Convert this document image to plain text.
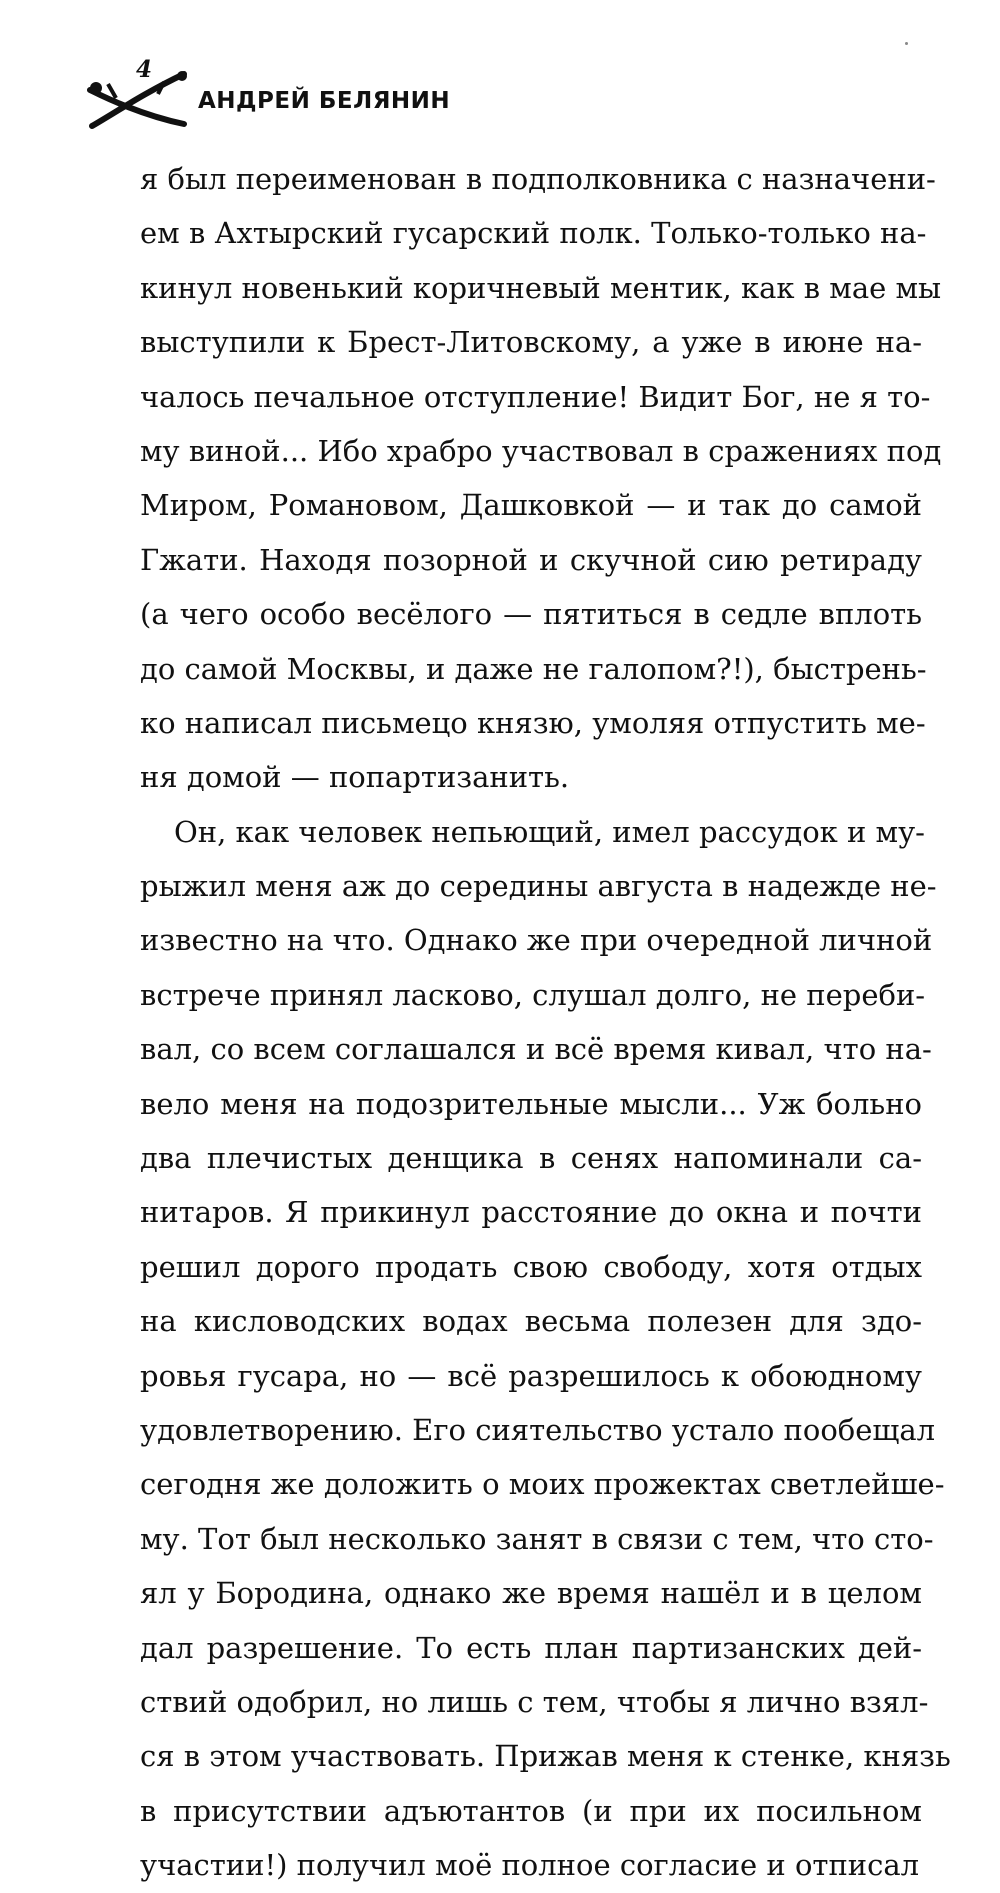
4
АНДРЕЙ БЕЛЯНИН
я был переименован в подполковника с назначени-
ем в Ахтырский гусарский полк. Только-только на-
кинул новенький коричневый ментик, как в мае мы
выступили к Брест-Литовскому, а уже в июне на-
чалось печальное отступление! Видит Бог, не я то-
му виной... Ибо храбро участвовал в сражениях под
Миром, Романовом, Дашковкой — и так до самой
Гжати. Находя позорной и скучной сию ретираду
(а чего особо весёлого — пятиться в седле вплоть
до самой Москвы, и даже не галопом?!), быстрень-
ко написал письмецо князю, умоляя отпустить ме-
ня домой — попартизанить.
Он, как человек непьющий, имел рассудок и му-
рыжил меня аж до середины августа в надежде не-
известно на что. Однако же при очередной личной
встрече принял ласково, слушал долго, не переби-
вал, со всем соглашался и всё время кивал, что на-
вело меня на подозрительные мысли... Уж больно
два плечистых денщика в сенях напоминали са-
нитаров. Я прикинул расстояние до окна и почти
решил дорого продать свою свободу, хотя отдых
на кисловодских водах весьма полезен для здо-
ровья гусара, но — всё разрешилось к обоюдному
удовлетворению. Его сиятельство устало пообещал
сегодня же доложить о моих прожектах светлейше-
му. Тот был несколько занят в связи с тем, что сто-
ял у Бородина, однако же время нашёл и в целом
дал разрешение. То есть план партизанских дей-
ствий одобрил, но лишь с тем, чтобы я лично взял-
ся в этом участвовать. Прижав меня к стенке, князь
в присутствии адъютантов (и при их посильном
участии!) получил моё полное согласие и отписал
